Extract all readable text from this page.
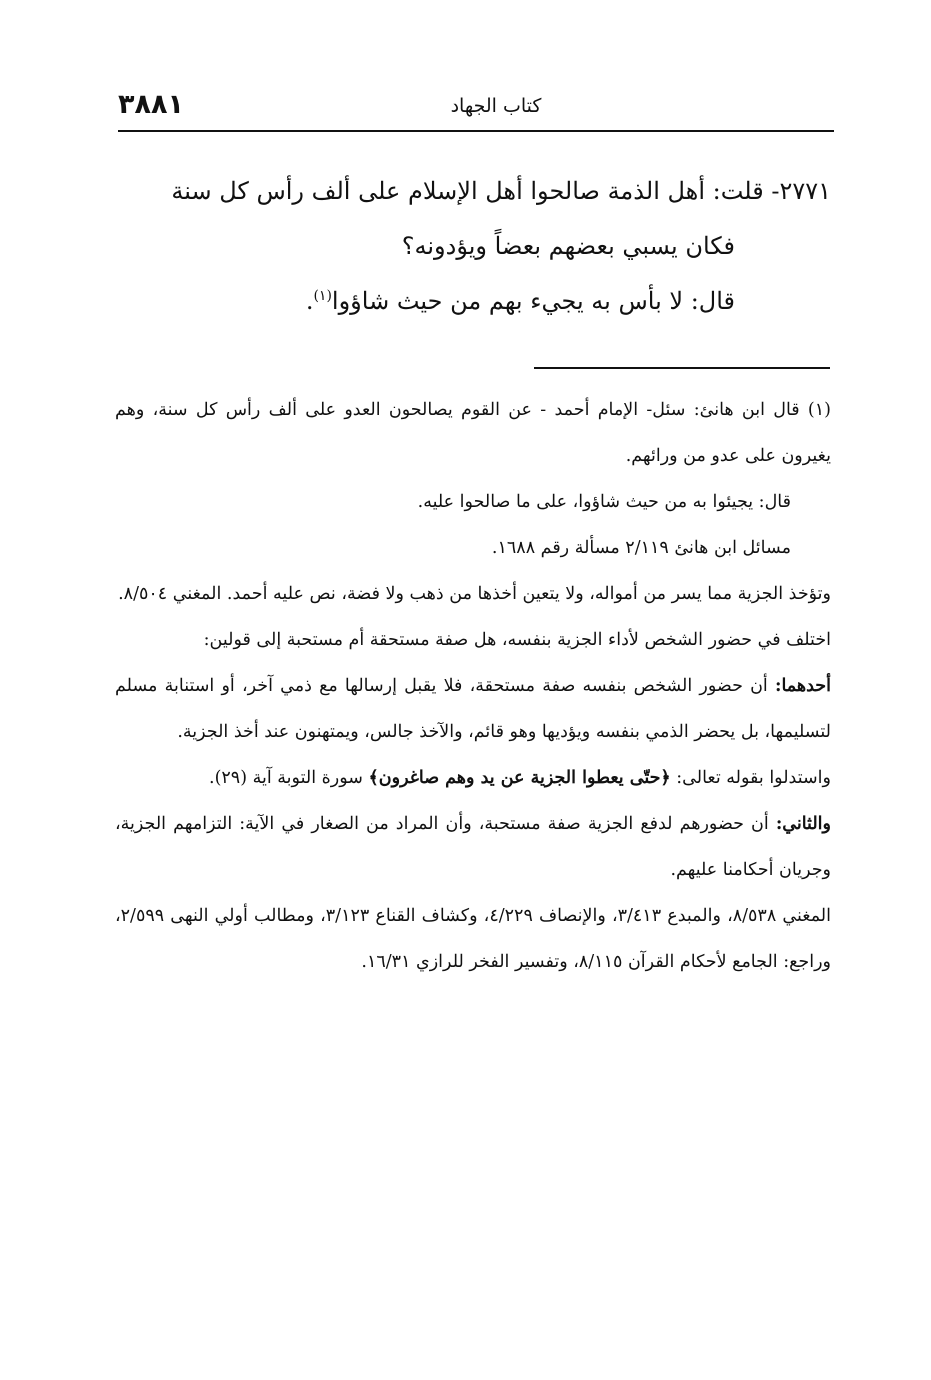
كتاب الجهاد
٣٨٨١

٢٧٧١- قلت: أهل الذمة صالحوا أهل الإسلام على ألف رأس كل سنة

فكان يسبي بعضهم بعضاً ويؤدونه؟

قال: لا بأس به يجيء بهم من حيث شاؤوا$^{(١)}$.

(١) قال ابن هانئ: سئل- الإمام أحمد - عن القوم يصالحون العدو على ألف رأس كل سنة، وهم يغيرون على عدو من ورائهم.

قال: يجيئوا به من حيث شاؤوا، على ما صالحوا عليه.

مسائل ابن هانئ ٢/١١٩ مسألة رقم ١٦٨٨.

وتؤخذ الجزية مما يسر من أمواله، ولا يتعين أخذها من ذهب ولا فضة، نص عليه أحمد. المغني ٨/٥٠٤.

اختلف في حضور الشخص لأداء الجزية بنفسه، هل صفة مستحقة أم مستحبة إلى قولين:

أحدهما: أن حضور الشخص بنفسه صفة مستحقة، فلا يقبل إرسالها مع ذمي آخر، أو استنابة مسلم لتسليمها، بل يحضر الذمي بنفسه ويؤديها وهو قائم، والآخذ جالس، ويمتهنون عند أخذ الجزية.

واستدلوا بقوله تعالى: ﴿حتّى يعطوا الجزية عن يد وهم صاغرون﴾ سورة التوبة آية (٢٩).

والثاني: أن حضورهم لدفع الجزية صفة مستحبة، وأن المراد من الصغار في الآية: التزامهم الجزية، وجريان أحكامنا عليهم.

المغني ٨/٥٣٨، والمبدع ٣/٤١٣، والإنصاف ٤/٢٢٩، وكشاف القناع ٣/١٢٣، ومطالب أولي النهى ٢/٥٩٩، وراجع: الجامع لأحكام القرآن ٨/١١٥، وتفسير الفخر للرازي ١٦/٣١.
